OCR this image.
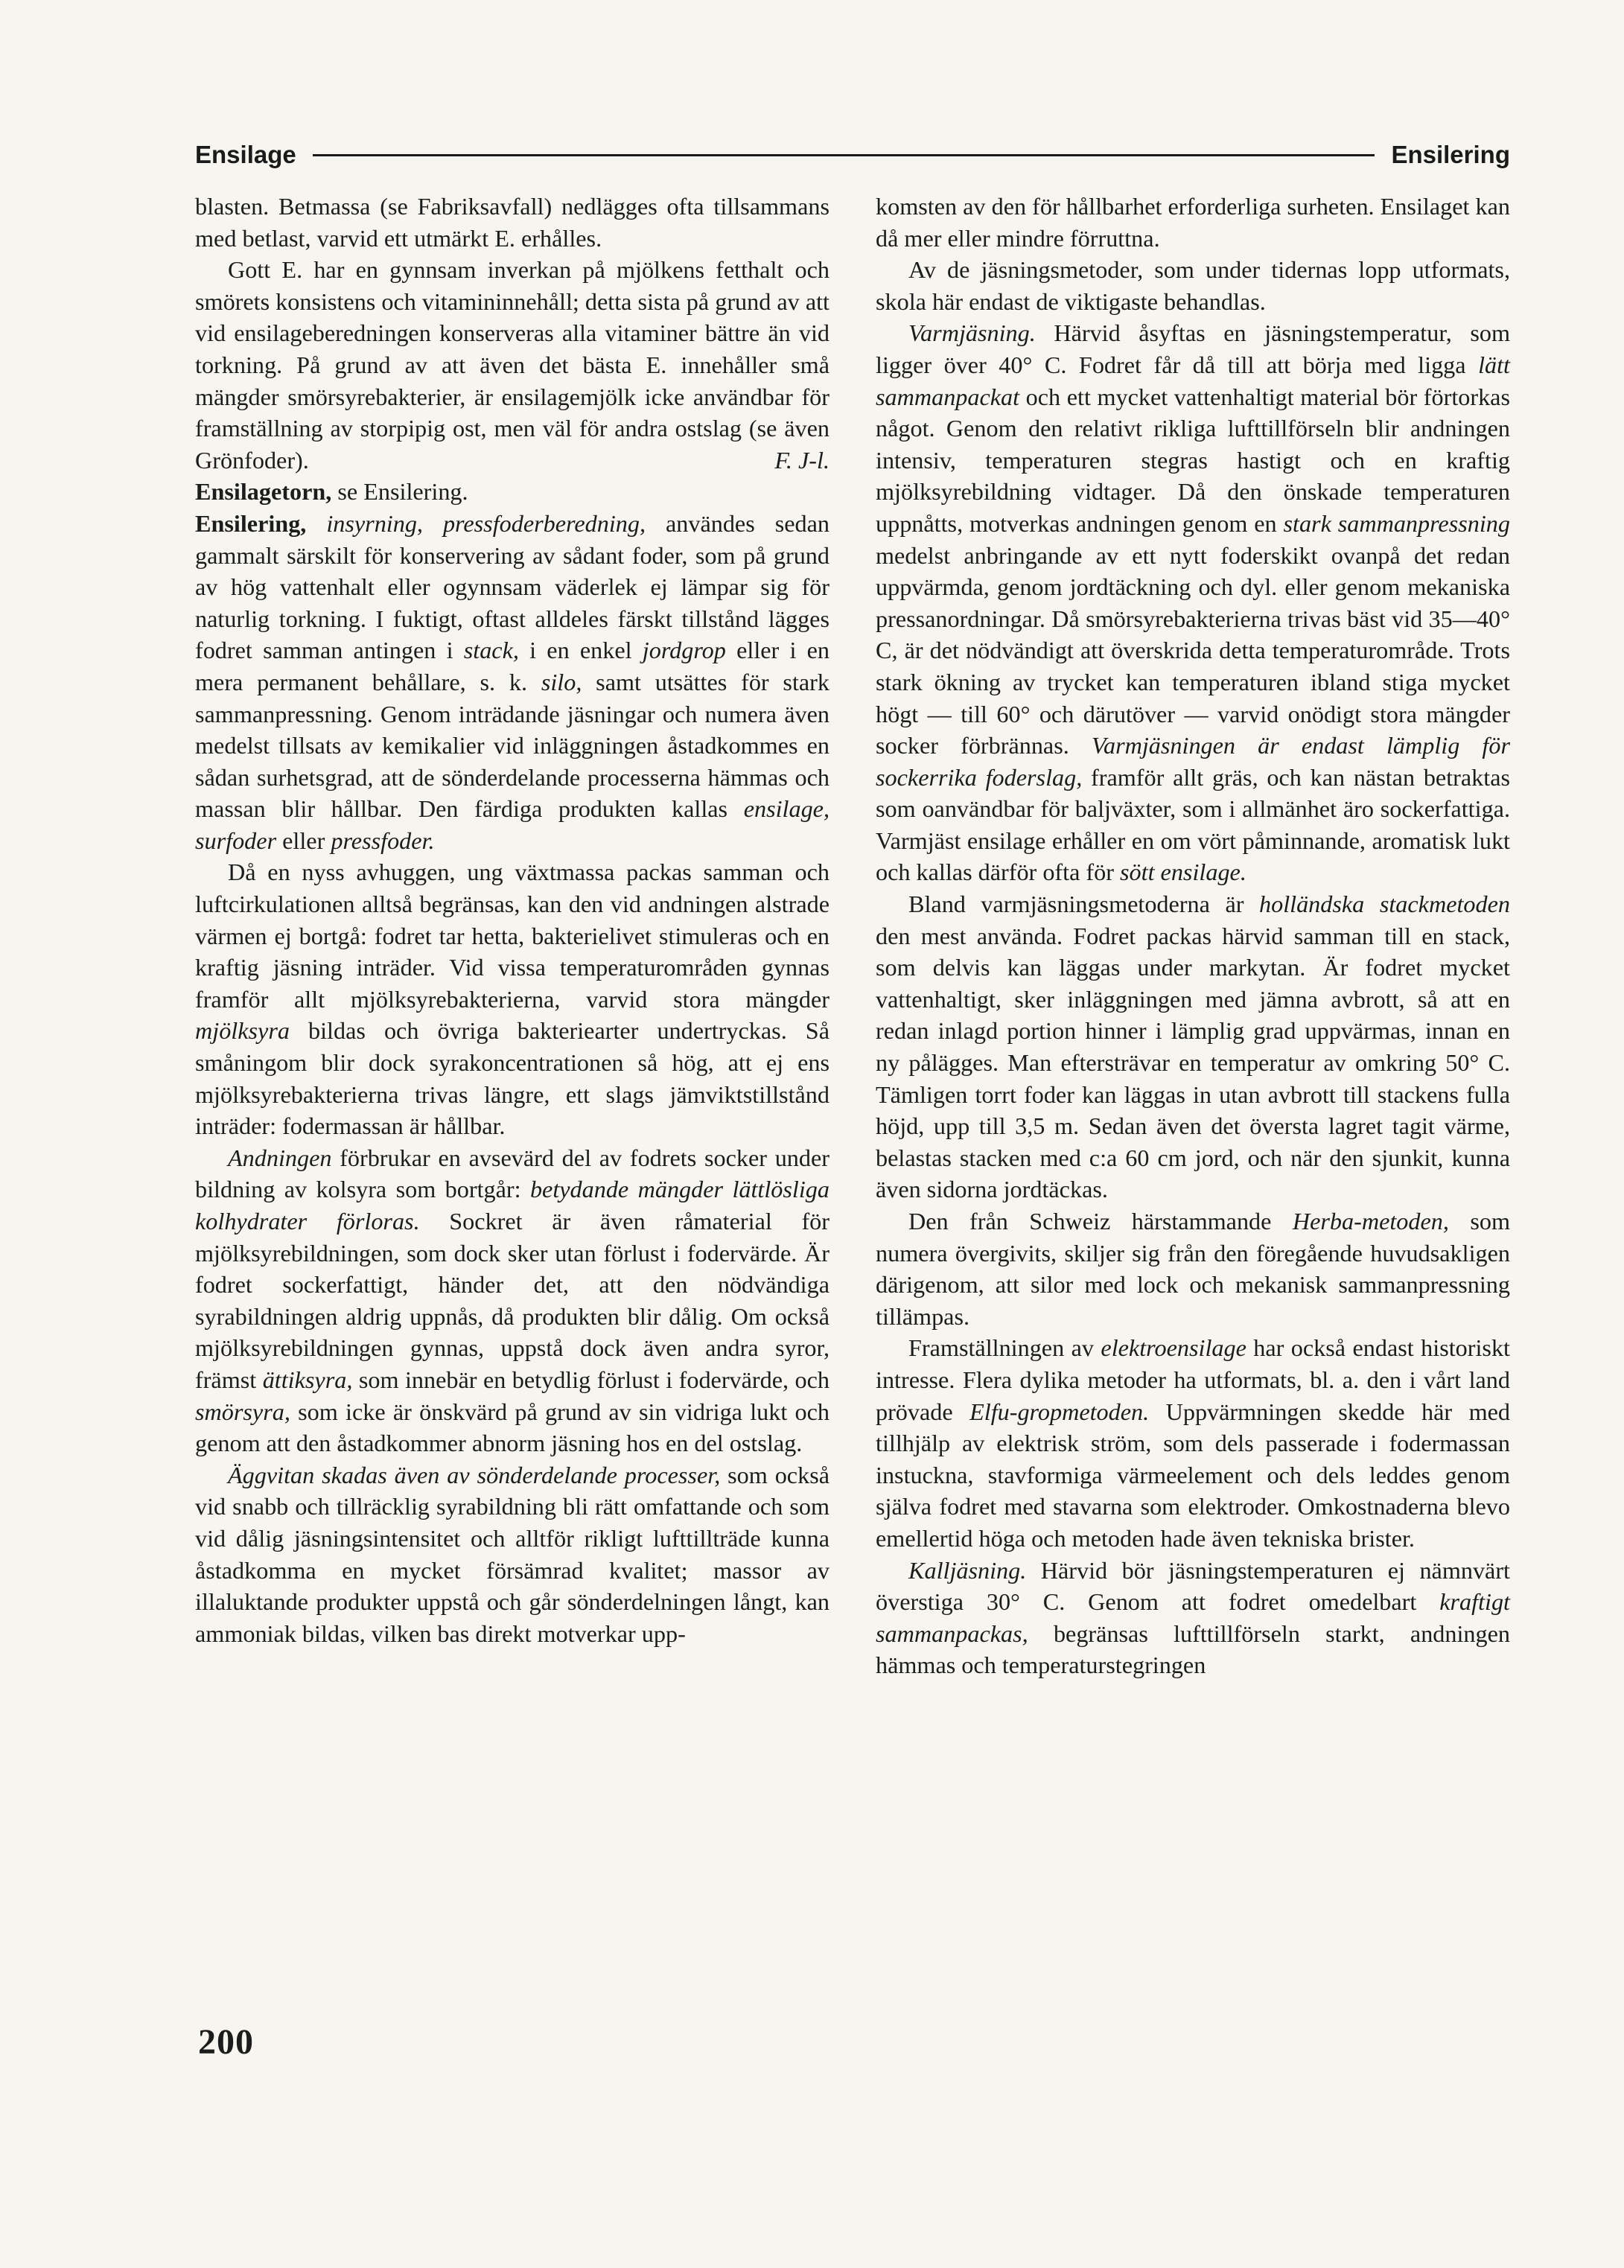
Ensilage	Ensilering

blasten. Betmassa (se Fabriksavfall) nedlägges ofta tillsammans med betlast, varvid ett utmärkt E. erhålles.

Gott E. har en gynnsam inverkan på mjölkens fetthalt och smörets konsistens och vitamininnehåll; detta sista på grund av att vid ensilageberedningen konserveras alla vitaminer bättre än vid torkning. På grund av att även det bästa E. innehåller små mängder smörsyrebakterier, är ensilagemjölk icke användbar för framställning av storpipig ost, men väl för andra ostslag (se även Grönfoder).	F. J-l.

Ensilagetorn, se Ensilering.

Ensilering, insyrning, pressfoderberedning, användes sedan gammalt särskilt för konservering av sådant foder, som på grund av hög vattenhalt eller ogynnsam väderlek ej lämpar sig för naturlig torkning. I fuktigt, oftast alldeles färskt tillstånd lägges fodret samman antingen i stack, i en enkel jordgrop eller i en mera permanent behållare, s. k. silo, samt utsättes för stark sammanpressning. Genom inträdande jäsningar och numera även medelst tillsats av kemikalier vid inläggningen åstadkommes en sådan surhetsgrad, att de sönderdelande processerna hämmas och massan blir hållbar. Den färdiga produkten kallas ensilage, surfoder eller pressfoder.

Då en nyss avhuggen, ung växtmassa packas samman och luftcirkulationen alltså begränsas, kan den vid andningen alstrade värmen ej bortgå: fodret tar hetta, bakterielivet stimuleras och en kraftig jäsning inträder. Vid vissa temperaturområden gynnas framför allt mjölksyrebakterierna, varvid stora mängder mjölksyra bildas och övriga bakteriearter undertryckas. Så småningom blir dock syrakoncentrationen så hög, att ej ens mjölksyrebakterierna trivas längre, ett slags jämviktstillstånd inträder: fodermassan är hållbar.

Andningen förbrukar en avsevärd del av fodrets socker under bildning av kolsyra som bortgår: betydande mängder lättlösliga kolhydrater förloras. Sockret är även råmaterial för mjölksyrebildningen, som dock sker utan förlust i fodervärde. Är fodret sockerfattigt, händer det, att den nödvändiga syrabildningen aldrig uppnås, då produkten blir dålig. Om också mjölksyrebildningen gynnas, uppstå dock även andra syror, främst ättiksyra, som innebär en betydlig förlust i fodervärde, och smörsyra, som icke är önskvärd på grund av sin vidriga lukt och genom att den åstadkommer abnorm jäsning hos en del ostslag.

Äggvitan skadas även av sönderdelande processer, som också vid snabb och tillräcklig syrabildning bli rätt omfattande och som vid dålig jäsningsintensitet och alltför rikligt lufttillträde kunna åstadkomma en mycket försämrad kvalitet; massor av illaluktande produkter uppstå och går sönderdelningen långt, kan ammoniak bildas, vilken bas direkt motverkar upp-

komsten av den för hållbarhet erforderliga surheten. Ensilaget kan då mer eller mindre förruttna.

Av de jäsningsmetoder, som under tidernas lopp utformats, skola här endast de viktigaste behandlas.

Varmjäsning. Härvid åsyftas en jäsningstemperatur, som ligger över 40° C. Fodret får då till att börja med ligga lätt sammanpackat och ett mycket vattenhaltigt material bör förtorkas något. Genom den relativt rikliga lufttillförseln blir andningen intensiv, temperaturen stegras hastigt och en kraftig mjölksyrebildning vidtager. Då den önskade temperaturen uppnåtts, motverkas andningen genom en stark sammanpressning medelst anbringande av ett nytt foderskikt ovanpå det redan uppvärmda, genom jordtäckning och dyl. eller genom mekaniska pressanordningar. Då smörsyrebakterierna trivas bäst vid 35—40° C, är det nödvändigt att överskrida detta temperaturområde. Trots stark ökning av trycket kan temperaturen ibland stiga mycket högt — till 60° och därutöver — varvid onödigt stora mängder socker förbrännas. Varmjäsningen är endast lämplig för sockerrika foderslag, framför allt gräs, och kan nästan betraktas som oanvändbar för baljväxter, som i allmänhet äro sockerfattiga. Varmjäst ensilage erhåller en om vört påminnande, aromatisk lukt och kallas därför ofta för sött ensilage.

Bland varmjäsningsmetoderna är holländska stackmetoden den mest använda. Fodret packas härvid samman till en stack, som delvis kan läggas under markytan. Är fodret mycket vattenhaltigt, sker inläggningen med jämna avbrott, så att en redan inlagd portion hinner i lämplig grad uppvärmas, innan en ny pålägges. Man eftersträvar en temperatur av omkring 50° C. Tämligen torrt foder kan läggas in utan avbrott till stackens fulla höjd, upp till 3,5 m. Sedan även det översta lagret tagit värme, belastas stacken med c:a 60 cm jord, och när den sjunkit, kunna även sidorna jordtäckas.

Den från Schweiz härstammande Herba-metoden, som numera övergivits, skiljer sig från den föregående huvudsakligen därigenom, att silor med lock och mekanisk sammanpressning tillämpas.

Framställningen av elektroensilage har också endast historiskt intresse. Flera dylika metoder ha utformats, bl. a. den i vårt land prövade Elfu-gropmetoden. Uppvärmningen skedde här med tillhjälp av elektrisk ström, som dels passerade i fodermassan instuckna, stavformiga värmeelement och dels leddes genom själva fodret med stavarna som elektroder. Omkostnaderna blevo emellertid höga och metoden hade även tekniska brister.

Kalljäsning. Härvid bör jäsningstemperaturen ej nämnvärt överstiga 30° C. Genom att fodret omedelbart kraftigt sammanpackas, begränsas lufttillförseln starkt, andningen hämmas och temperaturstegringen

200
